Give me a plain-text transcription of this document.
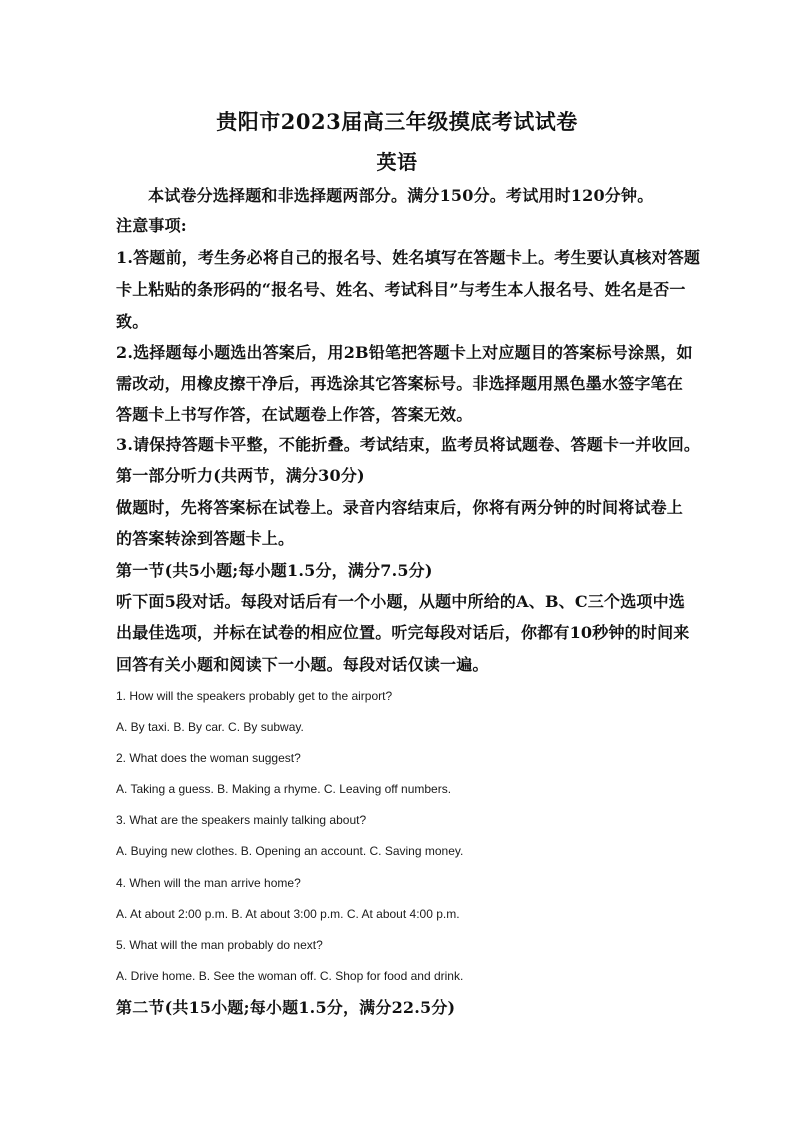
贵阳市2023届高三年级摸底考试试卷
英语
本试卷分选择题和非选择题两部分。满分150分。考试用时120分钟。
注意事项:
1.答题前，考生务必将自己的报名号、姓名填写在答题卡上。考生要认真核对答题
卡上粘贴的条形码的“报名号、姓名、考试科目”与考生本人报名号、姓名是否一
致。
2.选择题每小题选出答案后，用2B铅笔把答题卡上对应题目的答案标号涂黑，如
需改动，用橡皮擦干净后，再选涂其它答案标号。非选择题用黑色墨水签字笔在
答题卡上书写作答，在试题卷上作答，答案无效。
3.请保持答题卡平整，不能折叠。考试结束，监考员将试题卷、答题卡一并收回。
第一部分听力(共两节，满分30分)
做题时，先将答案标在试卷上。录音内容结束后，你将有两分钟的时间将试卷上
的答案转涂到答题卡上。
第一节(共5小题;每小题1.5分，满分7.5分)
听下面5段对话。每段对话后有一个小题，从题中所给的A、B、C三个选项中选
出最佳选项，并标在试卷的相应位置。听完每段对话后，你都有10秒钟的时间来
回答有关小题和阅读下一小题。每段对话仅读一遍。
1. How will the speakers probably get to the airport?
A. By taxi. B. By car. C. By subway.
2. What does the woman suggest?
A. Taking a guess. B. Making a rhyme. C. Leaving off numbers.
3. What are the speakers mainly talking about?
A. Buying new clothes. B. Opening an account. C. Saving money.
4. When will the man arrive home?
A. At about 2:00 p.m. B. At about 3:00 p.m. C. At about 4:00 p.m.
5. What will the man probably do next?
A. Drive home. B. See the woman off. C. Shop for food and drink.
第二节(共15小题;每小题1.5分，满分22.5分)
